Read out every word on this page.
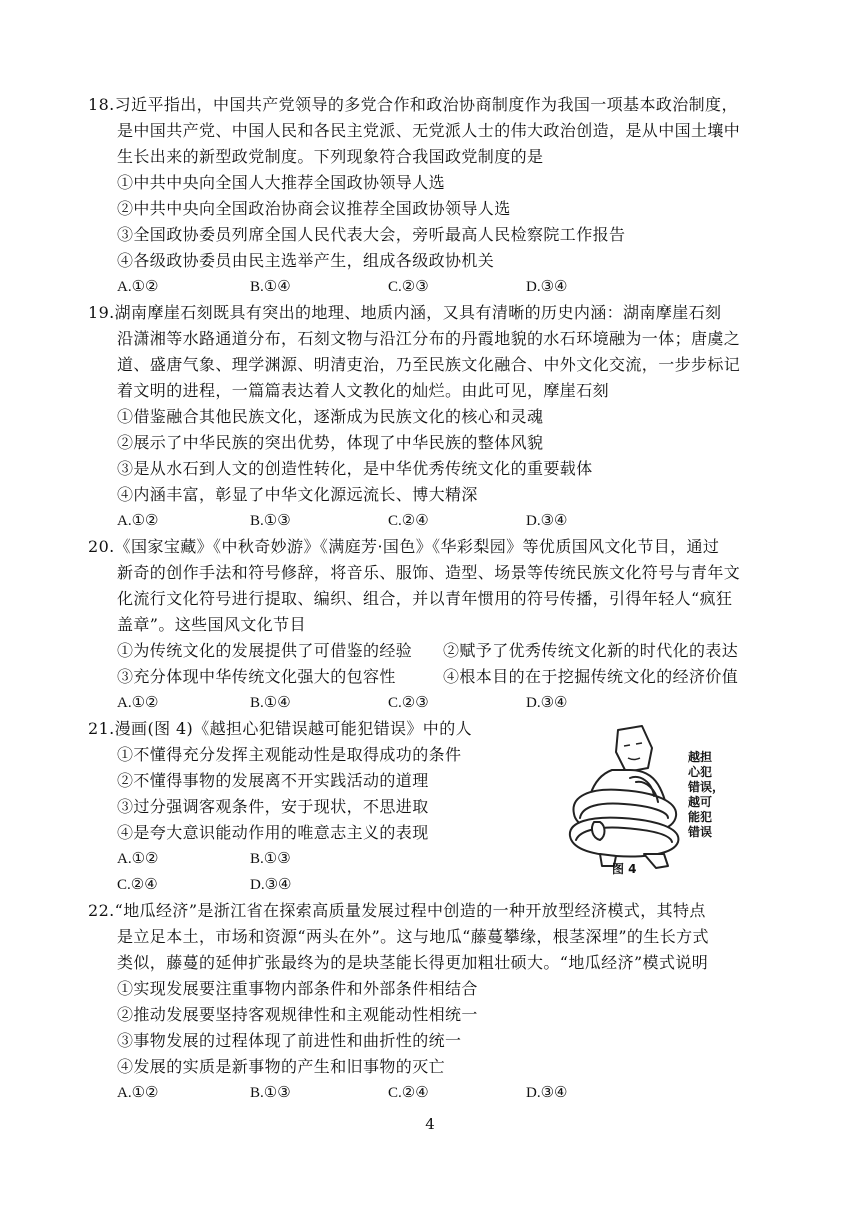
18.习近平指出，中国共产党领导的多党合作和政治协商制度作为我国一项基本政治制度，
是中国共产党、中国人民和各民主党派、无党派人士的伟大政治创造，是从中国土壤中
生长出来的新型政党制度。下列现象符合我国政党制度的是
①中共中央向全国人大推荐全国政协领导人选
②中共中央向全国政治协商会议推荐全国政协领导人选
③全国政协委员列席全国人民代表大会，旁听最高人民检察院工作报告
④各级政协委员由民主选举产生，组成各级政协机关
A.①②	B.①④	C.②③	D.③④
19.湖南摩崖石刻既具有突出的地理、地质内涵，又具有清晰的历史内涵：湖南摩崖石刻
沿潇湘等水路通道分布，石刻文物与沿江分布的丹霞地貌的水石环境融为一体；唐虞之
道、盛唐气象、理学渊源、明清吏治，乃至民族文化融合、中外文化交流，一步步标记
着文明的进程，一篇篇表达着人文教化的灿烂。由此可见，摩崖石刻
①借鉴融合其他民族文化，逐渐成为民族文化的核心和灵魂
②展示了中华民族的突出优势，体现了中华民族的整体风貌
③是从水石到人文的创造性转化，是中华优秀传统文化的重要载体
④内涵丰富，彰显了中华文化源远流长、博大精深
A.①②	B.①③	C.②④	D.③④
20.《国家宝藏》《中秋奇妙游》《满庭芳·国色》《华彩梨园》等优质国风文化节目，通过
新奇的创作手法和符号修辞，将音乐、服饰、造型、场景等传统民族文化符号与青年文
化流行文化符号进行提取、编织、组合，并以青年惯用的符号传播，引得年轻人“疯狂
盖章”。这些国风文化节目
①为传统文化的发展提供了可借鉴的经验 ②赋予了优秀传统文化新的时代化的表达
③充分体现中华传统文化强大的包容性	④根本目的在于挖掘传统文化的经济价值
A.①②	B.①④	C.②③	D.③④
21.漫画(图 4)《越担心犯错误越可能犯错误》中的人
①不懂得充分发挥主观能动性是取得成功的条件
②不懂得事物的发展离不开实践活动的道理
③过分强调客观条件，安于现状，不思进取
④是夸大意识能动作用的唯意志主义的表现
A.①②	B.①③
C.②④	D.③④
越担
心犯
错误，
越可
能犯
错误
图 4
22.“地瓜经济”是浙江省在探索高质量发展过程中创造的一种开放型经济模式，其特点
是立足本土，市场和资源“两头在外”。这与地瓜“藤蔓攀缘，根茎深埋”的生长方式
类似，藤蔓的延伸扩张最终为的是块茎能长得更加粗壮硕大。“地瓜经济”模式说明
①实现发展要注重事物内部条件和外部条件相结合
②推动发展要坚持客观规律性和主观能动性相统一
③事物发展的过程体现了前进性和曲折性的统一
④发展的实质是新事物的产生和旧事物的灭亡
A.①②	B.①③	C.②④	D.③④
4
